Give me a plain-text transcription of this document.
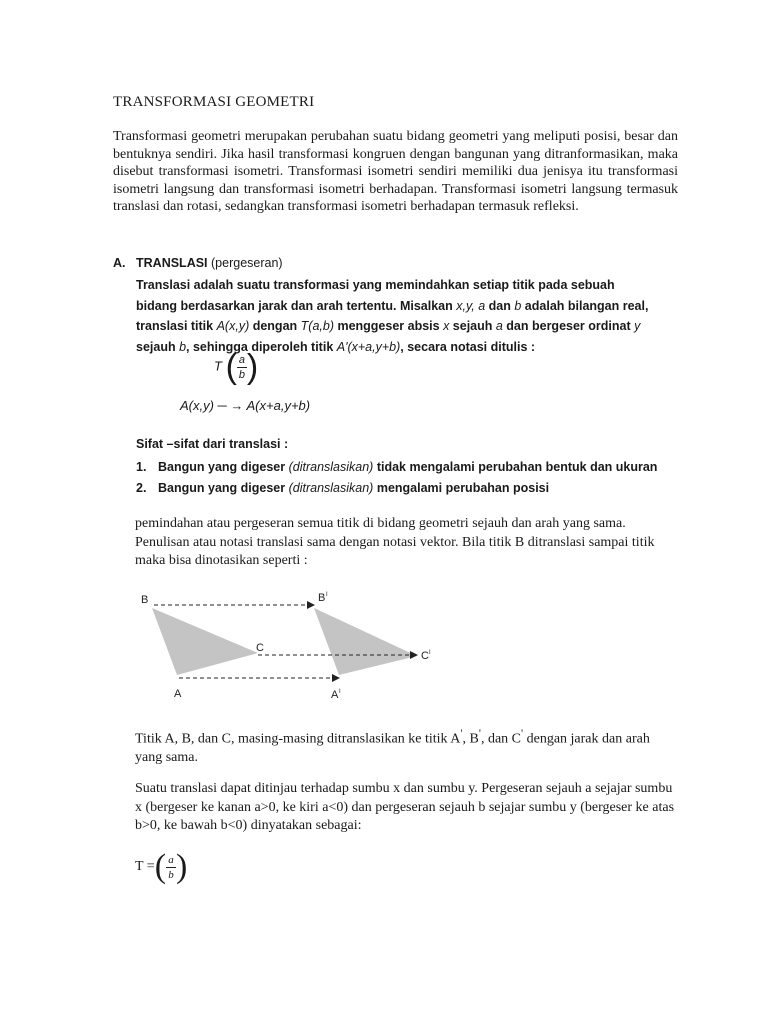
TRANSFORMASI GEOMETRI
Transformasi geometri merupakan perubahan suatu bidang geometri yang meliputi posisi, besar dan bentuknya sendiri. Jika hasil transformasi kongruen dengan bangunan yang ditranformasikan, maka disebut transformasi isometri. Transformasi isometri sendiri memiliki dua jenisya itu transformasi isometri langsung dan transformasi isometri berhadapan. Transformasi isometri langsung termasuk translasi dan rotasi, sedangkan transformasi isometri berhadapan termasuk refleksi.
A. TRANSLASI (pergeseran)
Translasi adalah suatu transformasi yang memindahkan setiap titik pada sebuah bidang berdasarkan jarak dan arah tertentu. Misalkan x,y, a dan b adalah bilangan real, translasi titik A(x,y) dengan T(a,b) menggeser absis x sejauh a dan bergeser ordinat y sejauh b, sehingga diperoleh titik A'(x+a,y+b), secara notasi ditulis :
T ( $\frac{a}{b}$ )
A(x,y) ─ → A(x+a,y+b)
Sifat –sifat dari translasi :
1. Bangun yang digeser (ditranslasikan) tidak mengalami perubahan bentuk dan ukuran
2. Bangun yang digeser (ditranslasikan) mengalami perubahan posisi
pemindahan atau pergeseran semua titik di bidang geometri sejauh dan arah yang sama. Penulisan atau notasi translasi sama dengan notasi vektor. Bila titik B ditranslasi sampai titik maka bisa dinotasikan seperti :
B	B I
C
C I
A	A I
Titik A, B, dan C, masing-masing ditranslasikan ke titik A', B', dan C' dengan jarak dan arah yang sama.
Suatu translasi dapat ditinjau terhadap sumbu x dan sumbu y. Pergeseran sejauh a sejajar sumbu x (bergeser ke kanan a>0, ke kiri a<0) dan pergeseran sejauh b sejajar sumbu y (bergeser ke atas b>0, ke bawah b<0) dinyatakan sebagai:
T =( $\frac{a}{b}$ )
